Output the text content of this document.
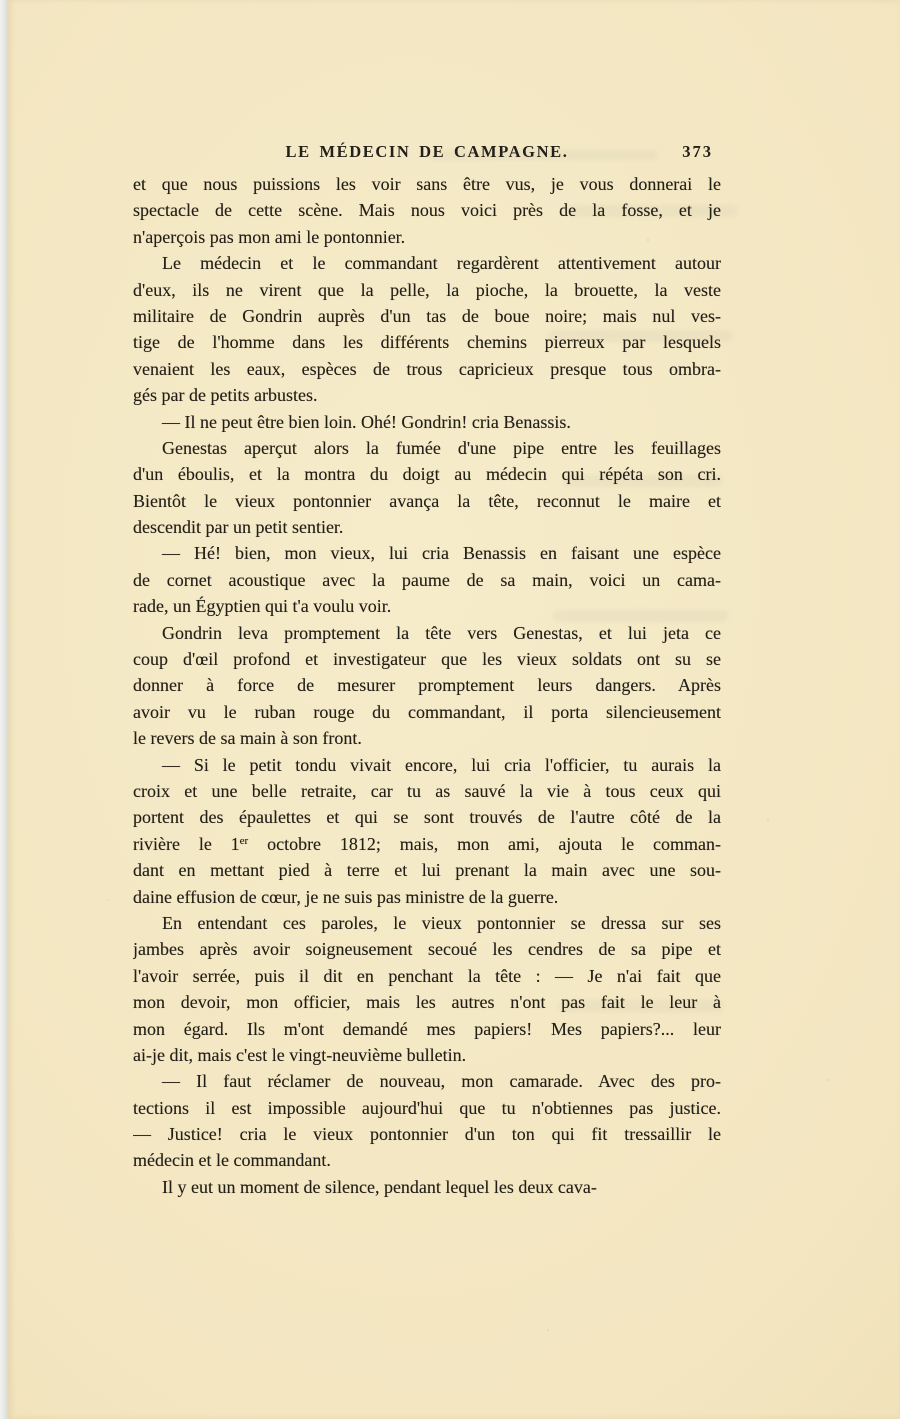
LE MÉDECIN DE CAMPAGNE.	373
et que nous puissions les voir sans être vus, je vous donnerai le
spectacle de cette scène. Mais nous voici près de la fosse, et je
n'aperçois pas mon ami le pontonnier.
Le médecin et le commandant regardèrent attentivement autour
d'eux, ils ne virent que la pelle, la pioche, la brouette, la veste
militaire de Gondrin auprès d'un tas de boue noire; mais nul ves-
tige de l'homme dans les différents chemins pierreux par lesquels
venaient les eaux, espèces de trous capricieux presque tous ombra-
gés par de petits arbustes.
— Il ne peut être bien loin. Ohé! Gondrin! cria Benassis.
Genestas aperçut alors la fumée d'une pipe entre les feuillages
d'un éboulis, et la montra du doigt au médecin qui répéta son cri.
Bientôt le vieux pontonnier avança la tête, reconnut le maire et
descendit par un petit sentier.
— Hé! bien, mon vieux, lui cria Benassis en faisant une espèce
de cornet acoustique avec la paume de sa main, voici un cama-
rade, un Égyptien qui t'a voulu voir.
Gondrin leva promptement la tête vers Genestas, et lui jeta ce
coup d'œil profond et investigateur que les vieux soldats ont su se
donner à force de mesurer promptement leurs dangers. Après
avoir vu le ruban rouge du commandant, il porta silencieusement
le revers de sa main à son front.
— Si le petit tondu vivait encore, lui cria l'officier, tu aurais la
croix et une belle retraite, car tu as sauvé la vie à tous ceux qui
portent des épaulettes et qui se sont trouvés de l'autre côté de la
rivière le 1er octobre 1812; mais, mon ami, ajouta le comman-
dant en mettant pied à terre et lui prenant la main avec une sou-
daine effusion de cœur, je ne suis pas ministre de la guerre.
En entendant ces paroles, le vieux pontonnier se dressa sur ses
jambes après avoir soigneusement secoué les cendres de sa pipe et
l'avoir serrée, puis il dit en penchant la tête : — Je n'ai fait que
mon devoir, mon officier, mais les autres n'ont pas fait le leur à
mon égard. Ils m'ont demandé mes papiers! Mes papiers?... leur
ai-je dit, mais c'est le vingt-neuvième bulletin.
— Il faut réclamer de nouveau, mon camarade. Avec des pro-
tections il est impossible aujourd'hui que tu n'obtiennes pas justice.
— Justice! cria le vieux pontonnier d'un ton qui fit tressaillir le
médecin et le commandant.
Il y eut un moment de silence, pendant lequel les deux cava-
